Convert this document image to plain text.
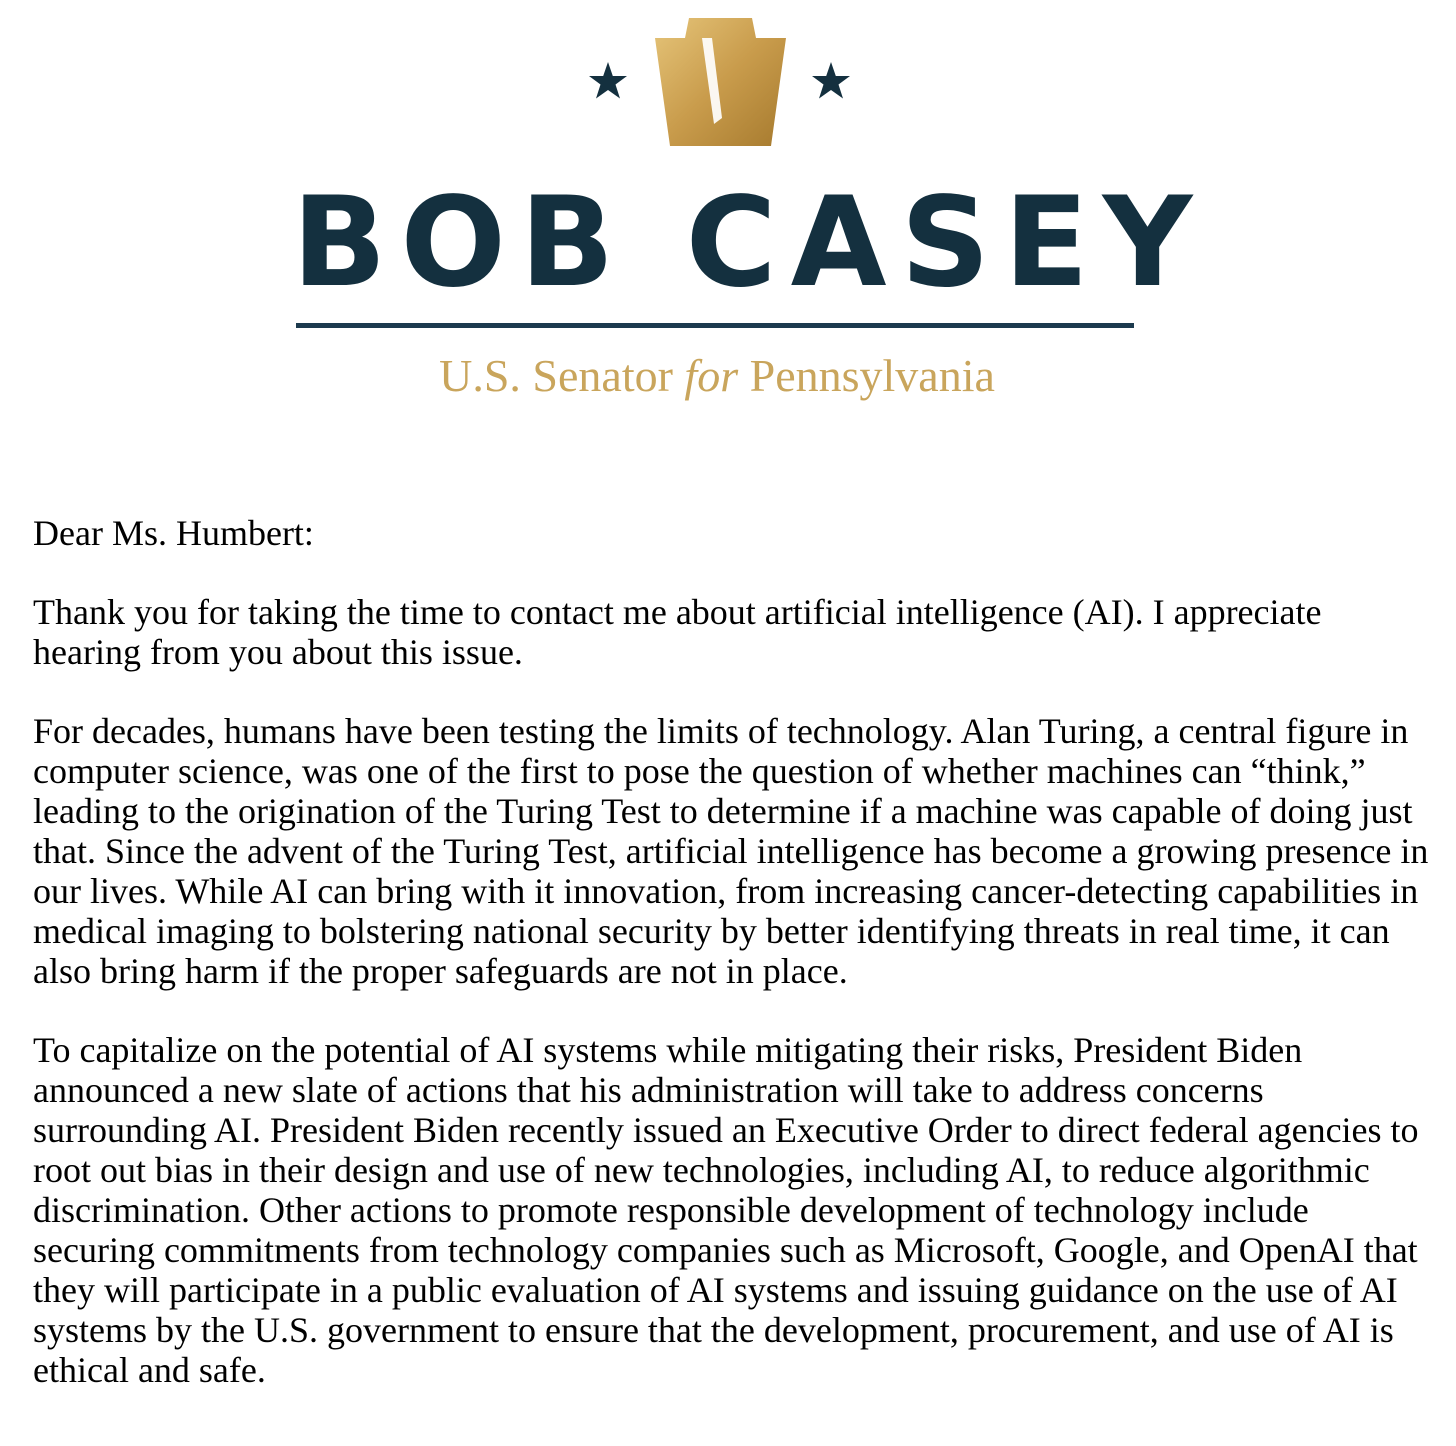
BOB CASEY
U.S. Senator for Pennsylvania

Dear Ms. Humbert:

Thank you for taking the time to contact me about artificial intelligence (AI). I appreciate hearing from you about this issue.

For decades, humans have been testing the limits of technology. Alan Turing, a central figure in computer science, was one of the first to pose the question of whether machines can “think,” leading to the origination of the Turing Test to determine if a machine was capable of doing just that. Since the advent of the Turing Test, artificial intelligence has become a growing presence in our lives. While AI can bring with it innovation, from increasing cancer-detecting capabilities in medical imaging to bolstering national security by better identifying threats in real time, it can also bring harm if the proper safeguards are not in place.

To capitalize on the potential of AI systems while mitigating their risks, President Biden announced a new slate of actions that his administration will take to address concerns surrounding AI. President Biden recently issued an Executive Order to direct federal agencies to root out bias in their design and use of new technologies, including AI, to reduce algorithmic discrimination. Other actions to promote responsible development of technology include securing commitments from technology companies such as Microsoft, Google, and OpenAI that they will participate in a public evaluation of AI systems and issuing guidance on the use of AI systems by the U.S. government to ensure that the development, procurement, and use of AI is ethical and safe.
